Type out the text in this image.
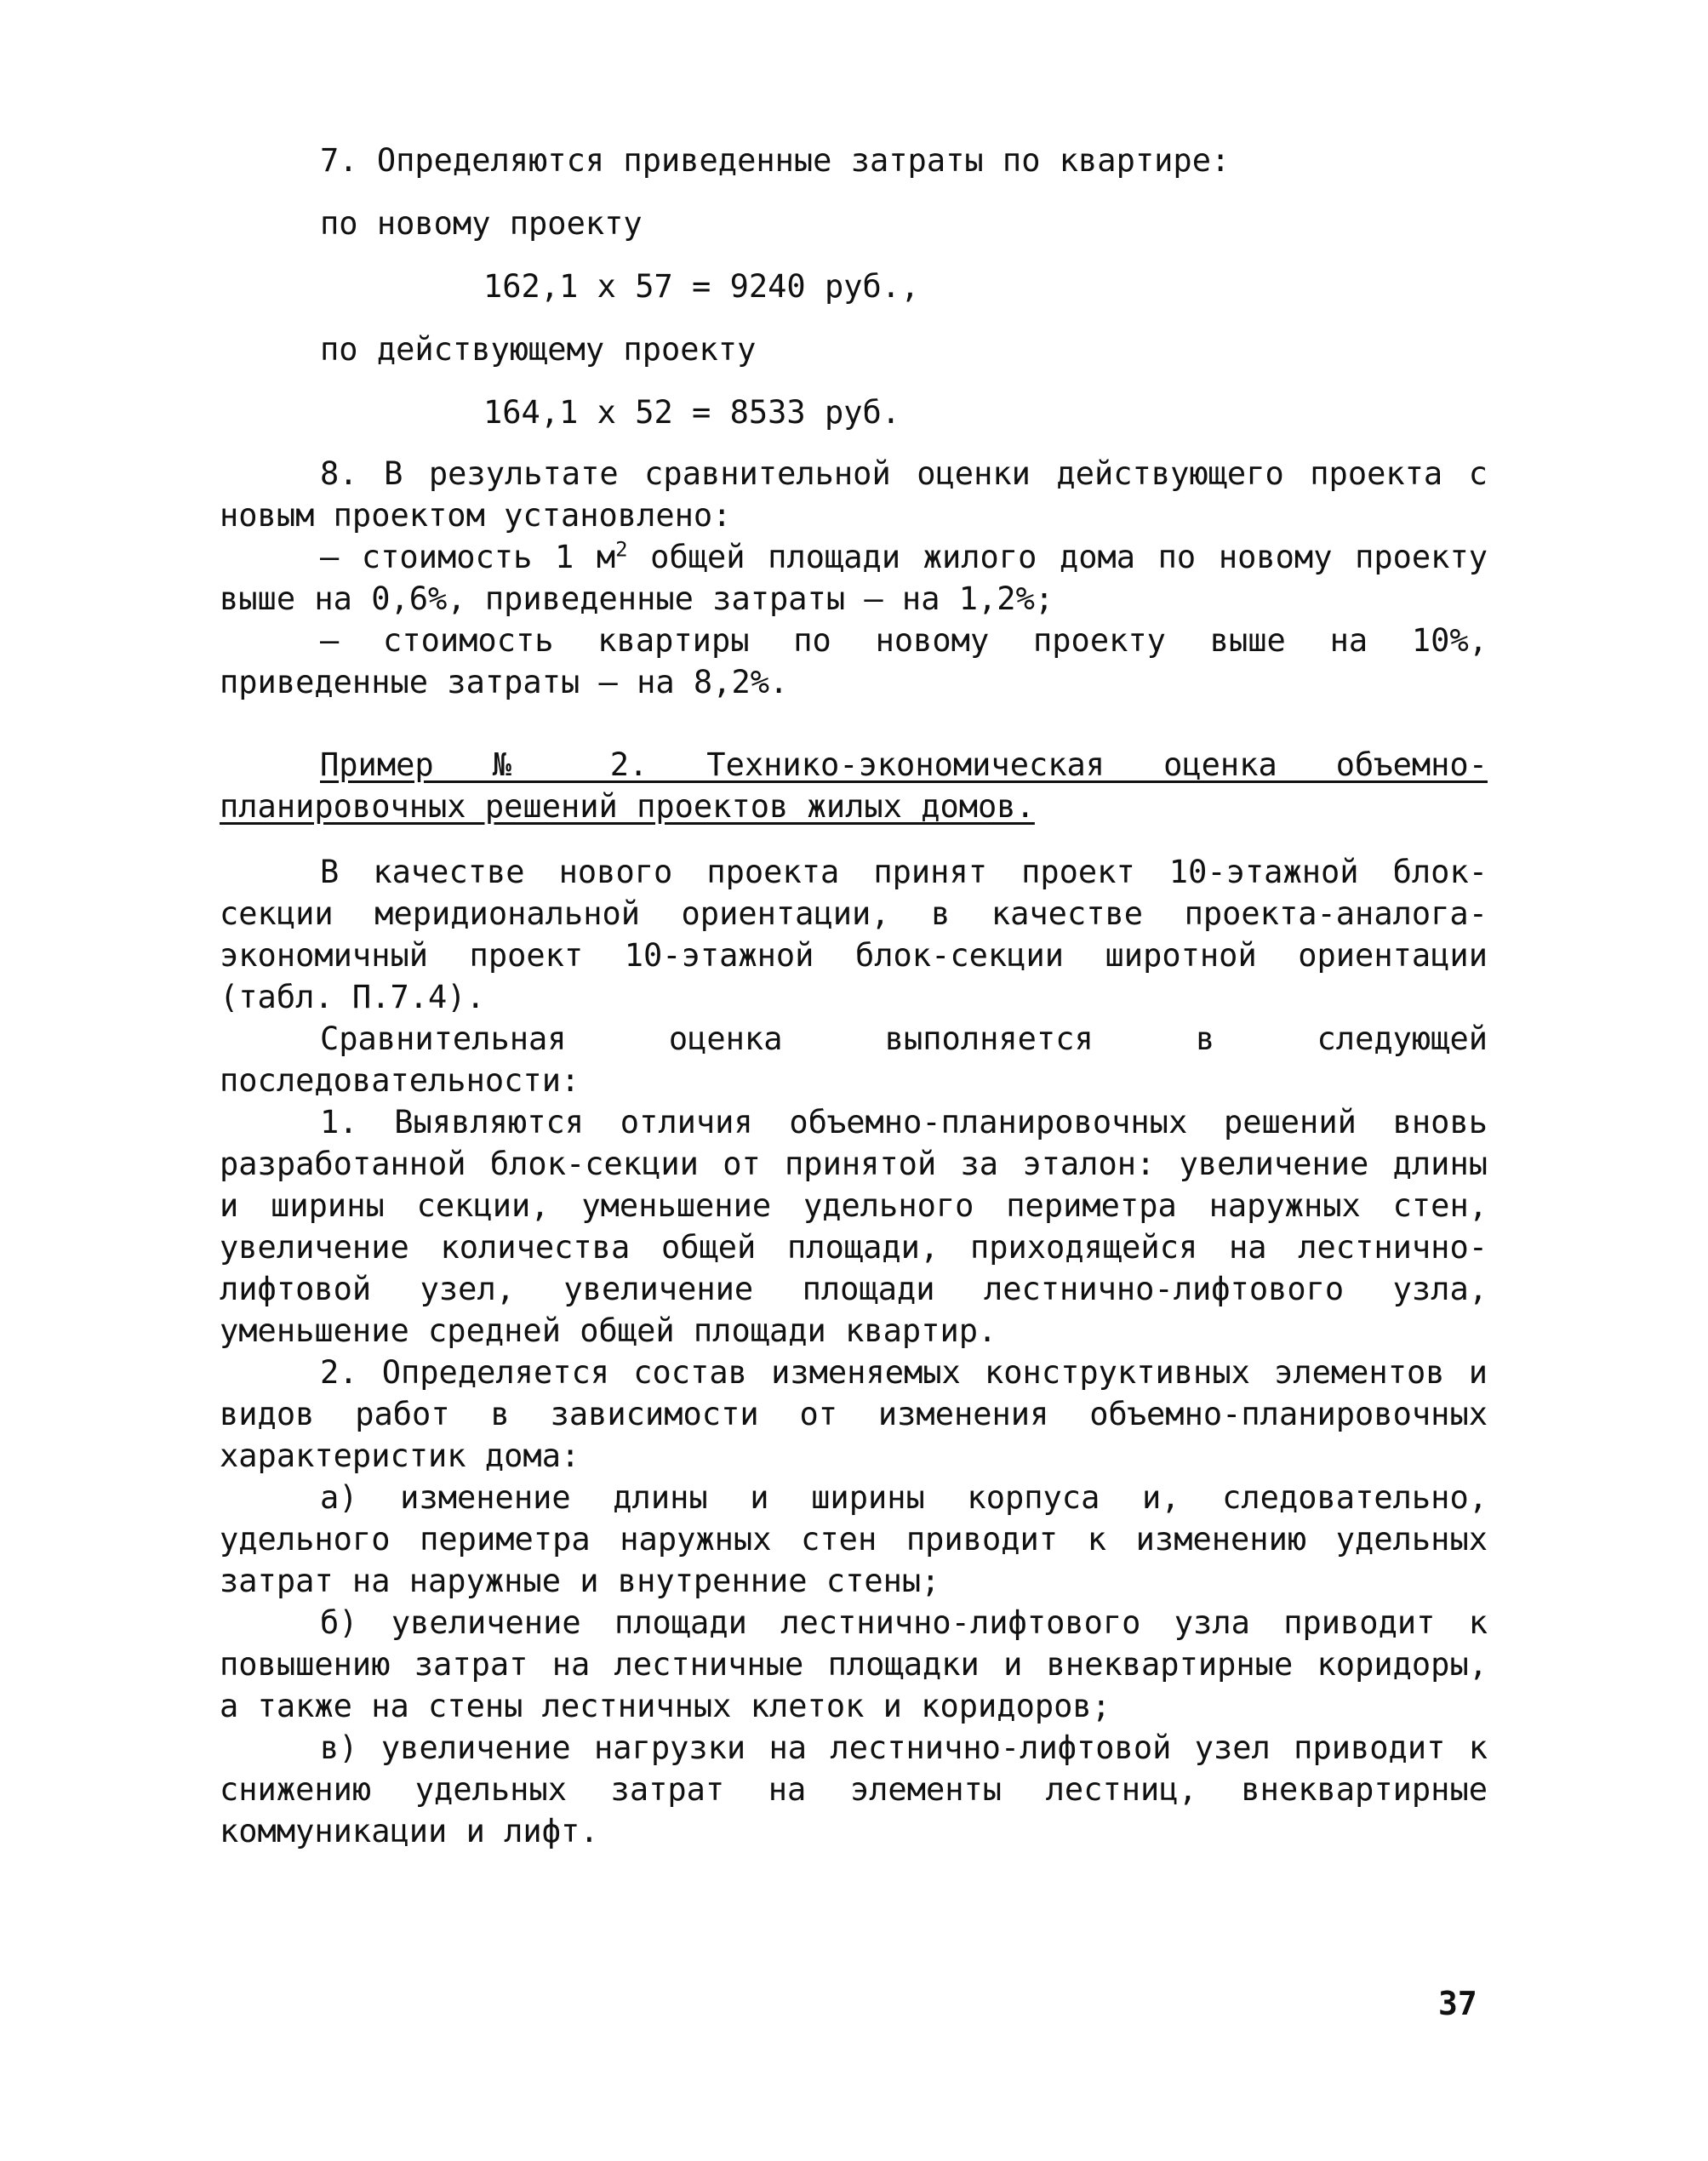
7. Определяются приведенные затраты по квартире:
по новому проекту
162,1 x 57 = 9240 руб.,
по действующему проекту
164,1 x 52 = 8533 руб.

8. В результате сравнительной оценки действующего проекта с новым проектом установлено:

– стоимость 1 $м^2$ общей площади жилого дома по новому проекту выше на 0,6%, приведенные затраты – на 1,2%;

– стоимость квартиры по новому проекту выше на 10%, приведенные затраты – на 8,2%.

Пример № 2. Технико-экономическая оценка объемно-планировочных решений проектов жилых домов.

В качестве нового проекта принят проект 10-этажной блок-секции меридиональной ориентации, в качестве проекта-аналога-экономичный проект 10-этажной блок-секции широтной ориентации (табл. П.7.4).

Сравнительная оценка выполняется в следующей последовательности:

1. Выявляются отличия объемно-планировочных решений вновь разработанной блок-секции от принятой за эталон: увеличение длины и ширины секции, уменьшение удельного периметра наружных стен, увеличение количества общей площади, приходящейся на лестнично-лифтовой узел, увеличение площади лестнично-лифтового узла, уменьшение средней общей площади квартир.

2. Определяется состав изменяемых конструктивных элементов и видов работ в зависимости от изменения объемно-планировочных характеристик дома:

а) изменение длины и ширины корпуса и, следовательно, удельного периметра наружных стен приводит к изменению удельных затрат на наружные и внутренние стены;

б) увеличение площади лестнично-лифтового узла приводит к повышению затрат на лестничные площадки и внеквартирные коридоры, а также на стены лестничных клеток и коридоров;

в) увеличение нагрузки на лестнично-лифтовой узел приводит к снижению удельных затрат на элементы лестниц, внеквартирные коммуникации и лифт.

37
